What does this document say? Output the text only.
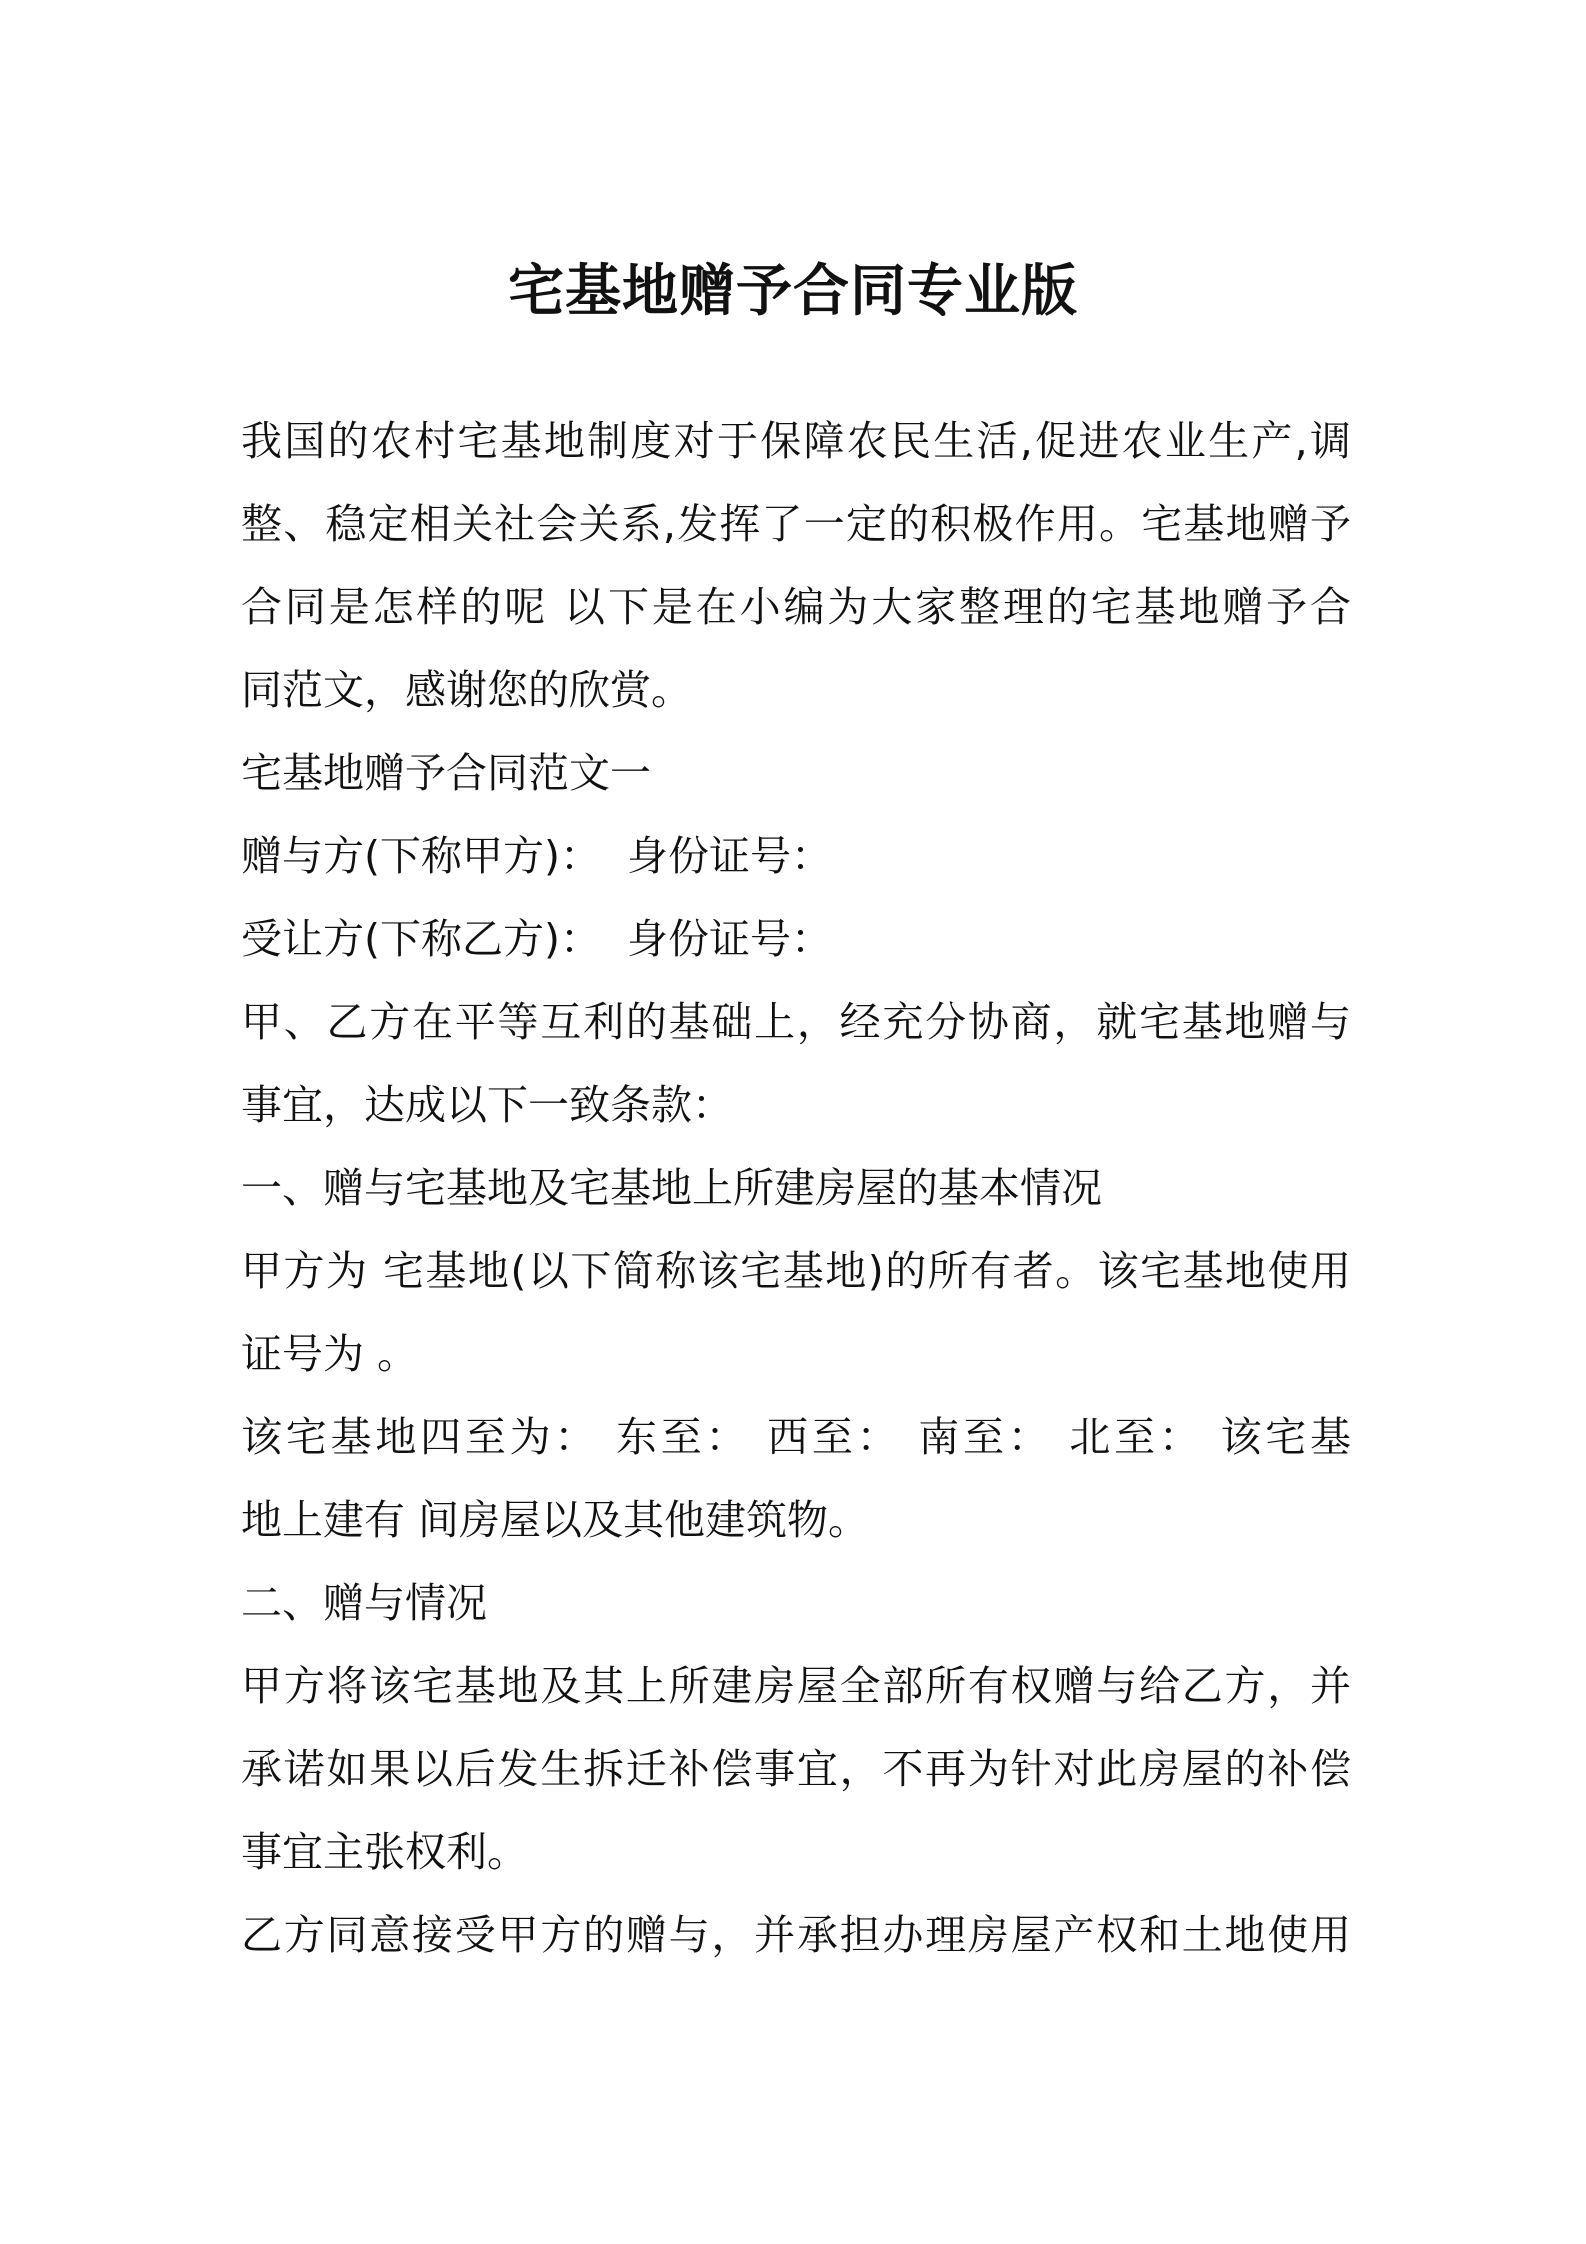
宅基地赠予合同专业版
我国的农村宅基地制度对于保障农民生活,促进农业生产,调
整、稳定相关社会关系,发挥了一定的积极作用。宅基地赠予
合同是怎样的呢 以下是在小编为大家整理的宅基地赠予合
同范文，感谢您的欣赏。
宅基地赠予合同范文一
赠与方(下称甲方)：  身份证号：
受让方(下称乙方)：  身份证号：
甲、乙方在平等互利的基础上，经充分协商，就宅基地赠与
事宜，达成以下一致条款：
一、赠与宅基地及宅基地上所建房屋的基本情况
甲方为 宅基地(以下简称该宅基地)的所有者。该宅基地使用
证号为 。
该宅基地四至为： 东至： 西至： 南至： 北至： 该宅基
地上建有 间房屋以及其他建筑物。
二、赠与情况
甲方将该宅基地及其上所建房屋全部所有权赠与给乙方，并
承诺如果以后发生拆迁补偿事宜，不再为针对此房屋的补偿
事宜主张权利。
乙方同意接受甲方的赠与，并承担办理房屋产权和土地使用
